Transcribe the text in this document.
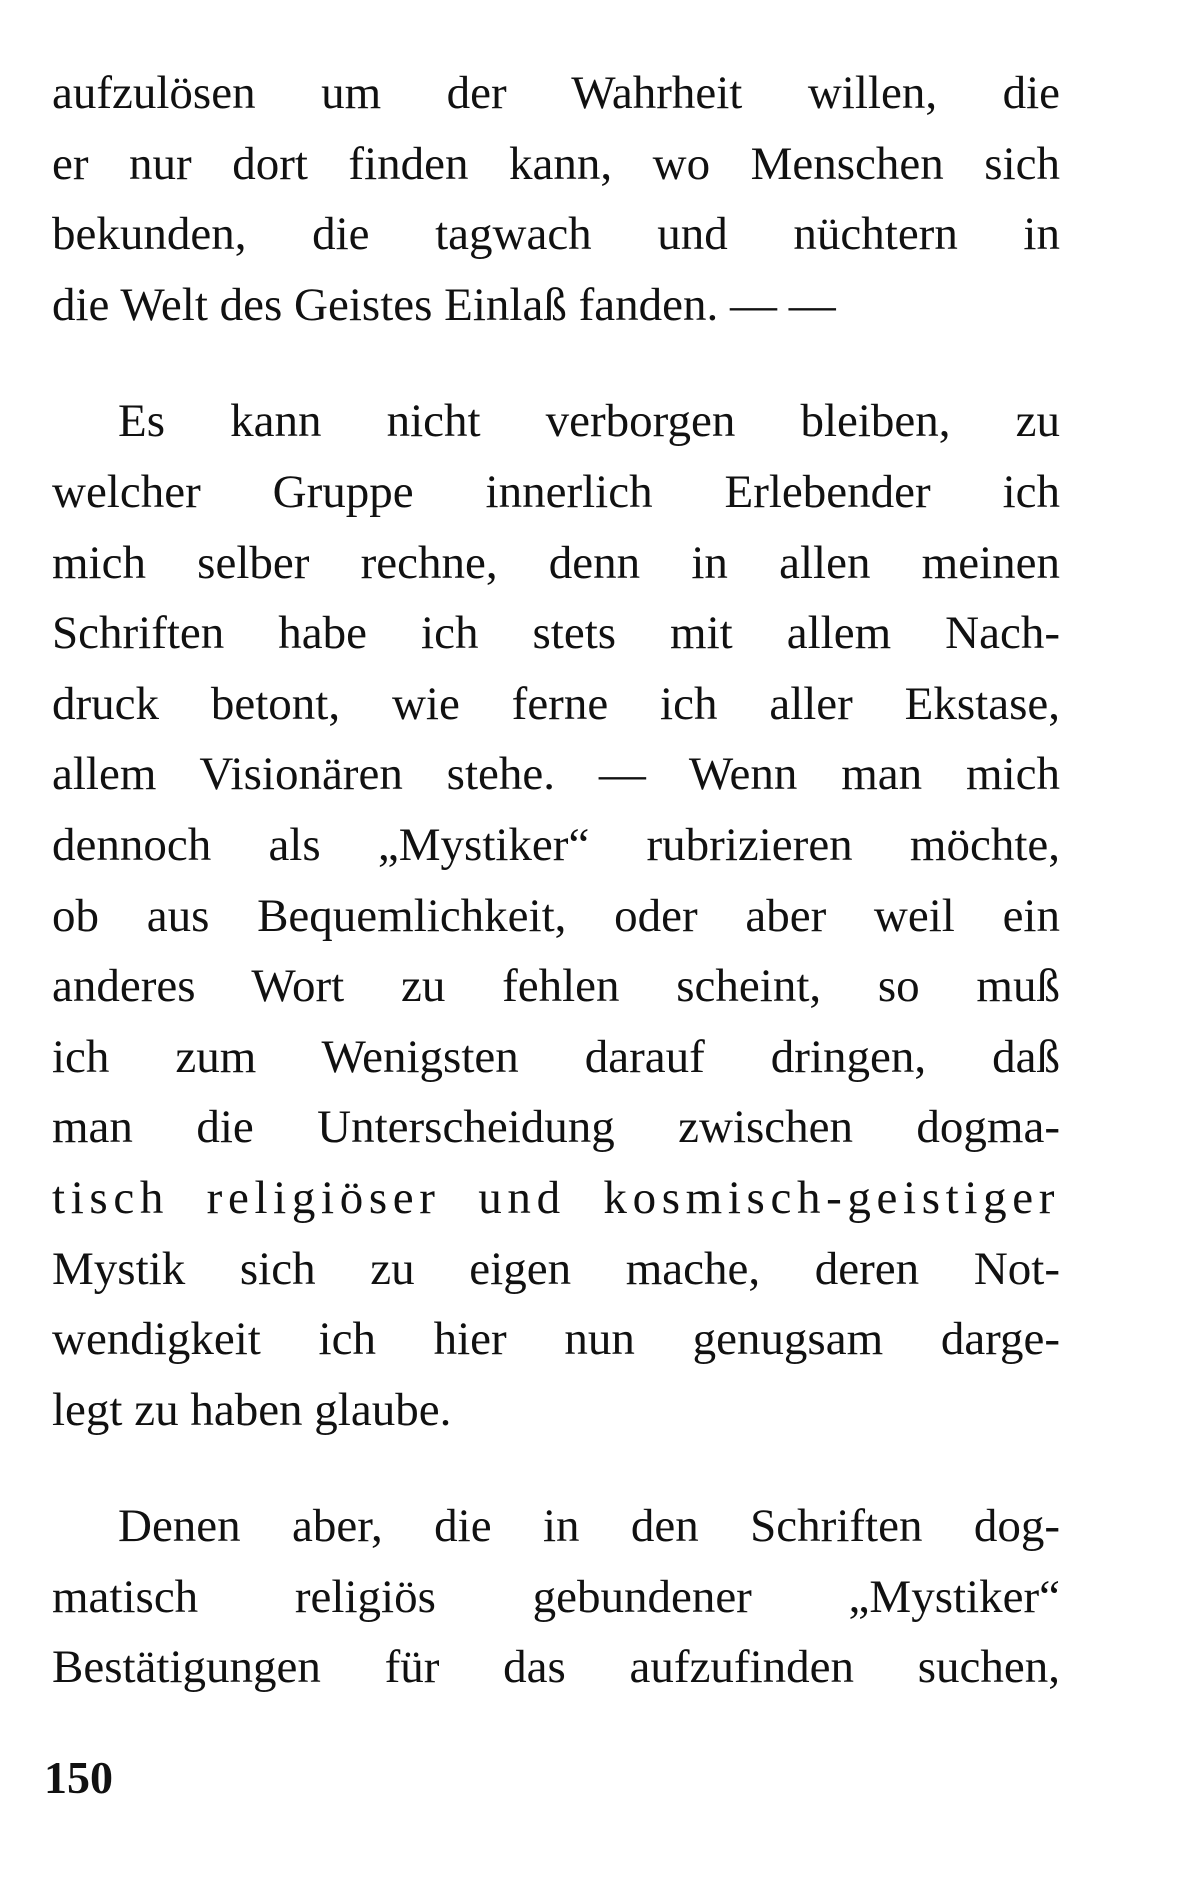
aufzulösen um der Wahrheit willen, die
er nur dort finden kann, wo Menschen sich
bekunden, die tagwach und nüchtern in
die Welt des Geistes Einlaß fanden. — —
Es kann nicht verborgen bleiben, zu
welcher Gruppe innerlich Erlebender ich
mich selber rechne, denn in allen meinen
Schriften habe ich stets mit allem Nach-
druck betont, wie ferne ich aller Ekstase,
allem Visionären stehe. — Wenn man mich
dennoch als „Mystiker“ rubrizieren möchte,
ob aus Bequemlichkeit, oder aber weil ein
anderes Wort zu fehlen scheint, so muß
ich zum Wenigsten darauf dringen, daß
man die Unterscheidung zwischen dogma-
tisch religiöser und kosmisch-geistiger
Mystik sich zu eigen mache, deren Not-
wendigkeit ich hier nun genugsam darge-
legt zu haben glaube.
Denen aber, die in den Schriften dog-
matisch religiös gebundener „Mystiker“
Bestätigungen für das aufzufinden suchen,
150
